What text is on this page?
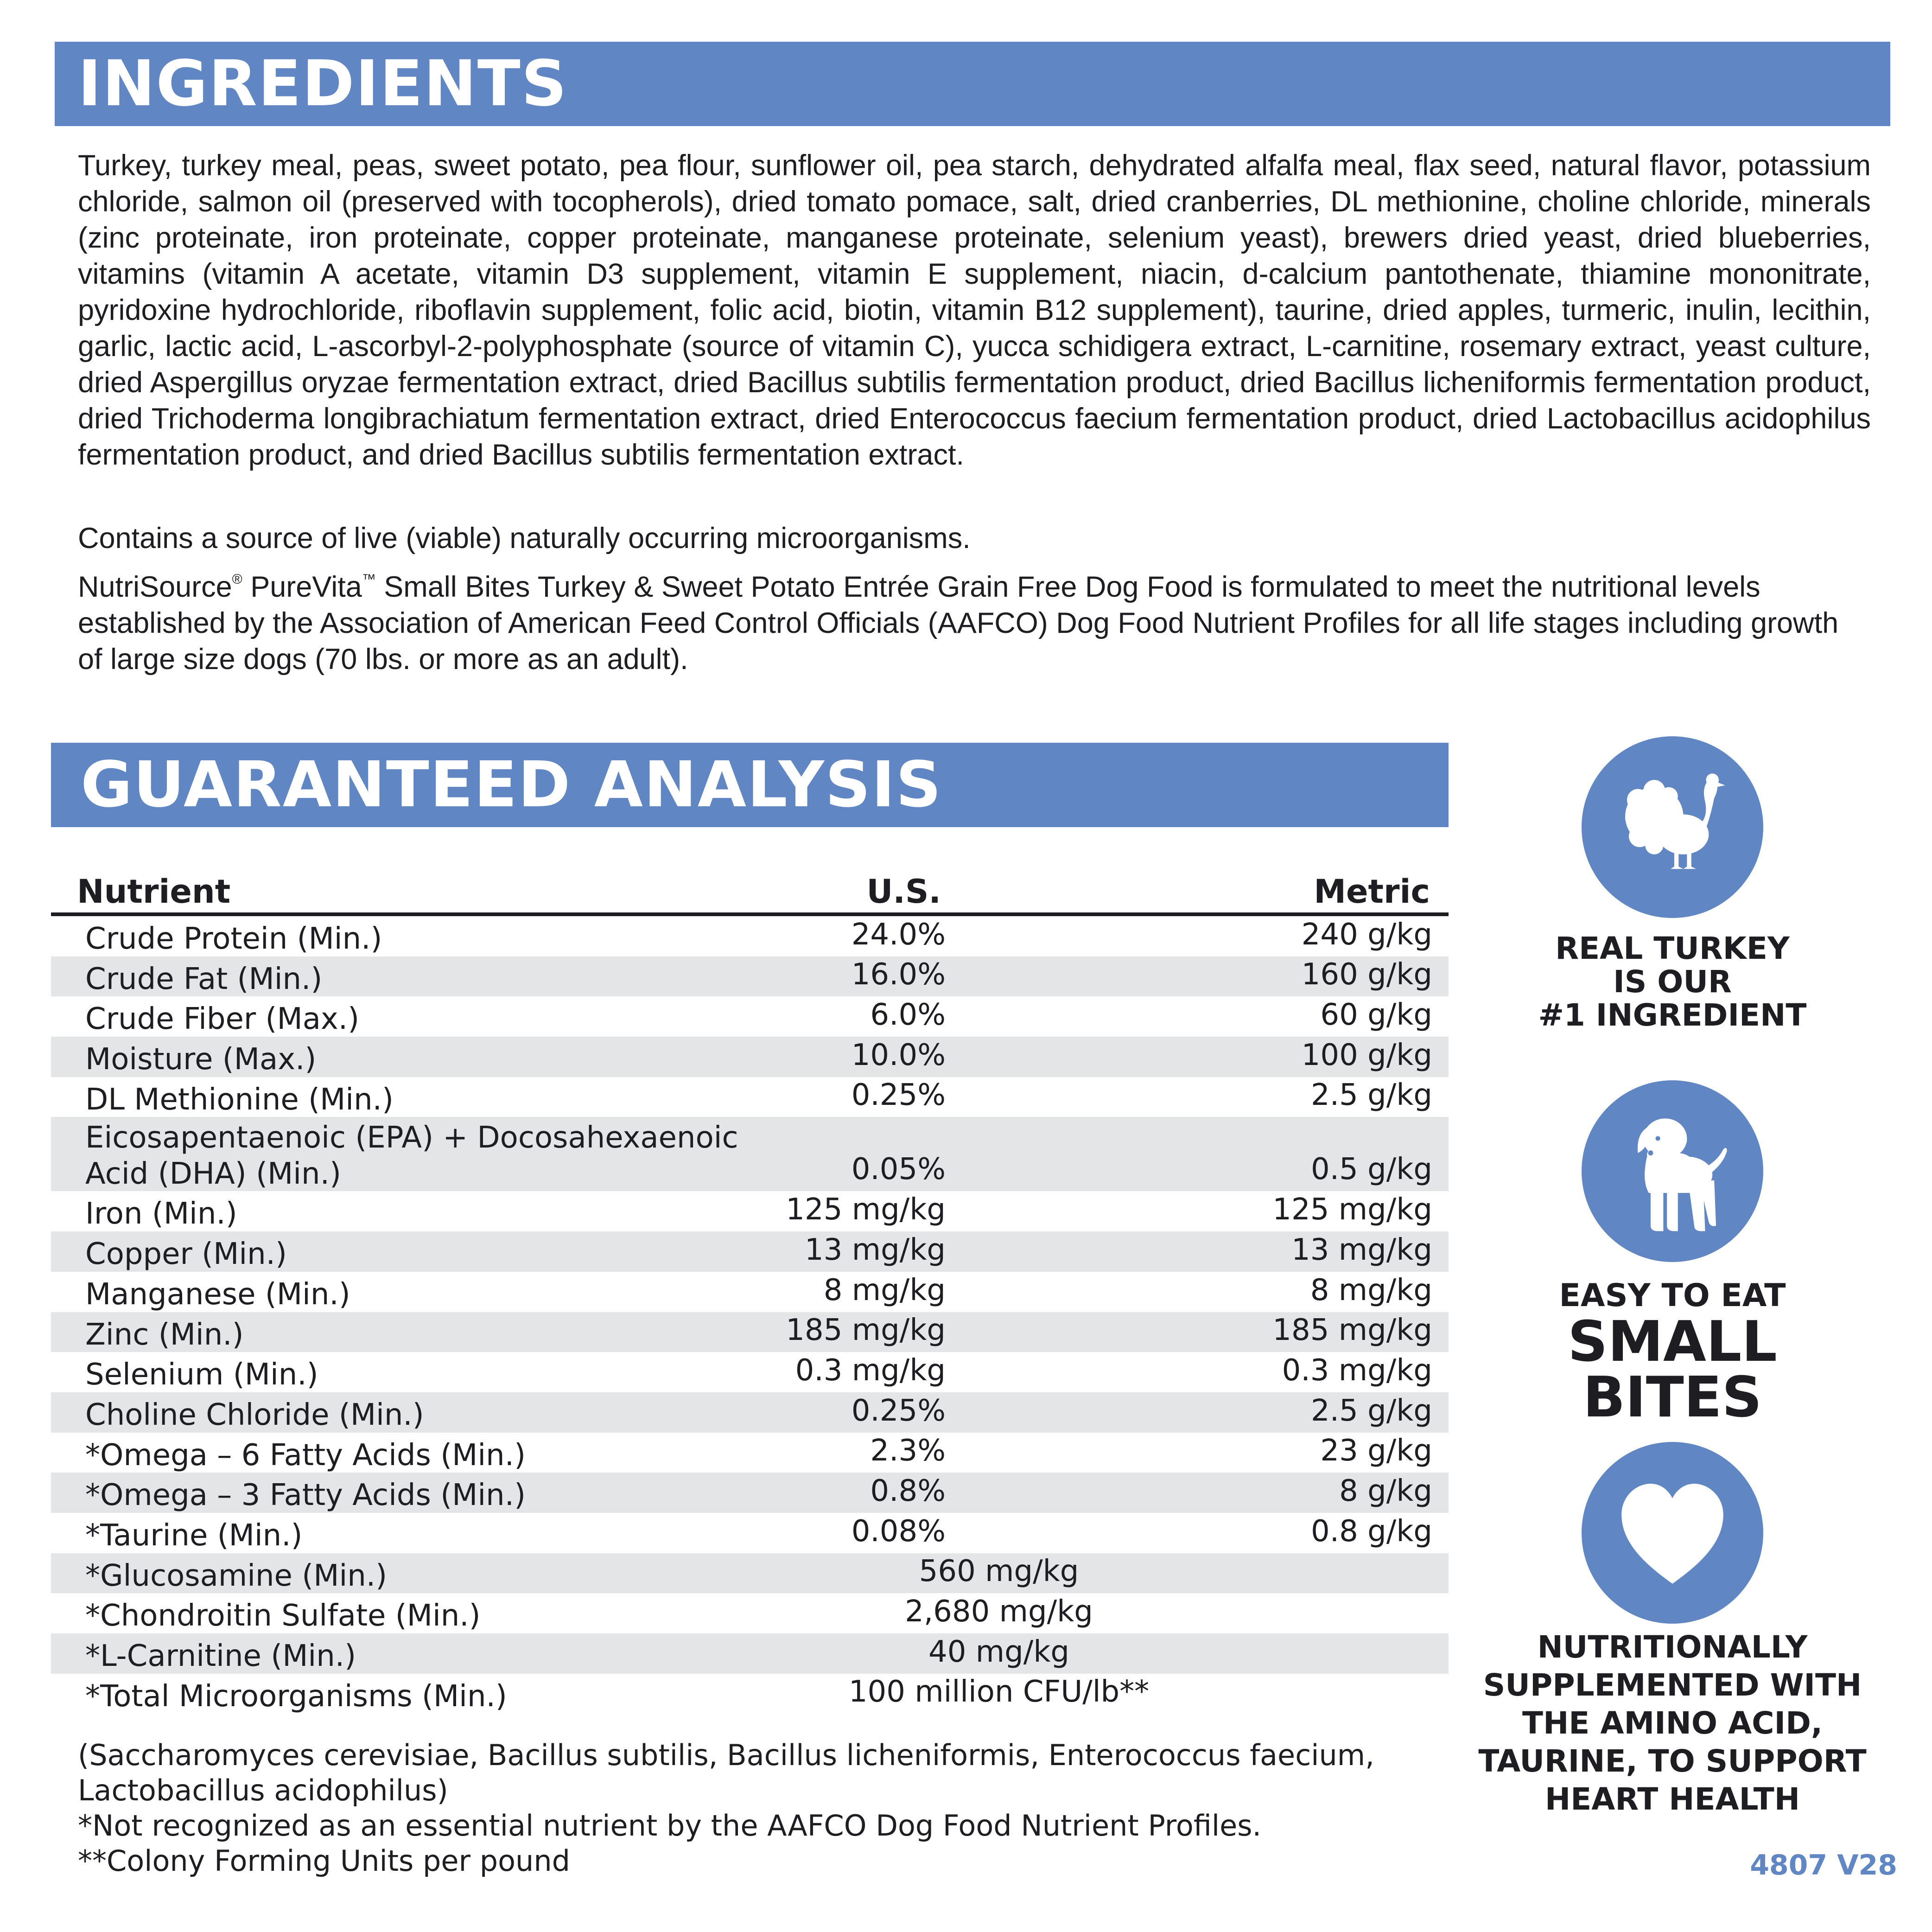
INGREDIENTS

Turkey, turkey meal, peas, sweet potato, pea flour, sunflower oil, pea starch, dehydrated alfalfa meal, flax seed, natural flavor, potassium chloride, salmon oil (preserved with tocopherols), dried tomato pomace, salt, dried cranberries, DL methionine, choline chloride, minerals (zinc proteinate, iron proteinate, copper proteinate, manganese proteinate, selenium yeast), brewers dried yeast, dried blueberries, vitamins (vitamin A acetate, vitamin D3 supplement, vitamin E supplement, niacin, d-calcium pantothenate, thiamine mononitrate, pyridoxine hydrochloride, riboflavin supplement, folic acid, biotin, vitamin B12 supplement), taurine, dried apples, turmeric, inulin, lecithin, garlic, lactic acid, L-ascorbyl-2-polyphosphate (source of vitamin C), yucca schidigera extract, L-carnitine, rosemary extract, yeast culture, dried Aspergillus oryzae fermentation extract, dried Bacillus subtilis fermentation product, dried Bacillus licheniformis fermentation product, dried Trichoderma longibrachiatum fermentation extract, dried Enterococcus faecium fermentation product, dried Lactobacillus acidophilus fermentation product, and dried Bacillus subtilis fermentation extract.

Contains a source of live (viable) naturally occurring microorganisms.

NutriSource® PureVita™ Small Bites Turkey & Sweet Potato Entrée Grain Free Dog Food is formulated to meet the nutritional levels established by the Association of American Feed Control Officials (AAFCO) Dog Food Nutrient Profiles for all life stages including growth of large size dogs (70 lbs. or more as an adult).

GUARANTEED ANALYSIS
Nutrient	U.S.	Metric
Crude Protein (Min.)	24.0%	240 g/kg
Crude Fat (Min.)	16.0%	160 g/kg
Crude Fiber (Max.)	6.0%	60 g/kg
Moisture (Max.)	10.0%	100 g/kg
DL Methionine (Min.)	0.25%	2.5 g/kg
Eicosapentaenoic (EPA) + Docosahexaenoic Acid (DHA) (Min.)	0.05%	0.5 g/kg
Iron (Min.)	125 mg/kg	125 mg/kg
Copper (Min.)	13 mg/kg	13 mg/kg
Manganese (Min.)	8 mg/kg	8 mg/kg
Zinc (Min.)	185 mg/kg	185 mg/kg
Selenium (Min.)	0.3 mg/kg	0.3 mg/kg
Choline Chloride (Min.)	0.25%	2.5 g/kg
*Omega – 6 Fatty Acids (Min.)	2.3%	23 g/kg
*Omega – 3 Fatty Acids (Min.)	0.8%	8 g/kg
*Taurine (Min.)	0.08%	0.8 g/kg
*Glucosamine (Min.)	560 mg/kg
*Chondroitin Sulfate (Min.)	2,680 mg/kg
*L-Carnitine (Min.)	40 mg/kg
*Total Microorganisms (Min.)	100 million CFU/lb**
(Saccharomyces cerevisiae, Bacillus subtilis, Bacillus licheniformis, Enterococcus faecium,
Lactobacillus acidophilus)
*Not recognized as an essential nutrient by the AAFCO Dog Food Nutrient Profiles.
**Colony Forming Units per pound
REAL TURKEY
IS OUR
#1 INGREDIENT
EASY TO EAT
SMALL
BITES
NUTRITIONALLY
SUPPLEMENTED WITH
THE AMINO ACID,
TAURINE, TO SUPPORT
HEART HEALTH
4807 V28
